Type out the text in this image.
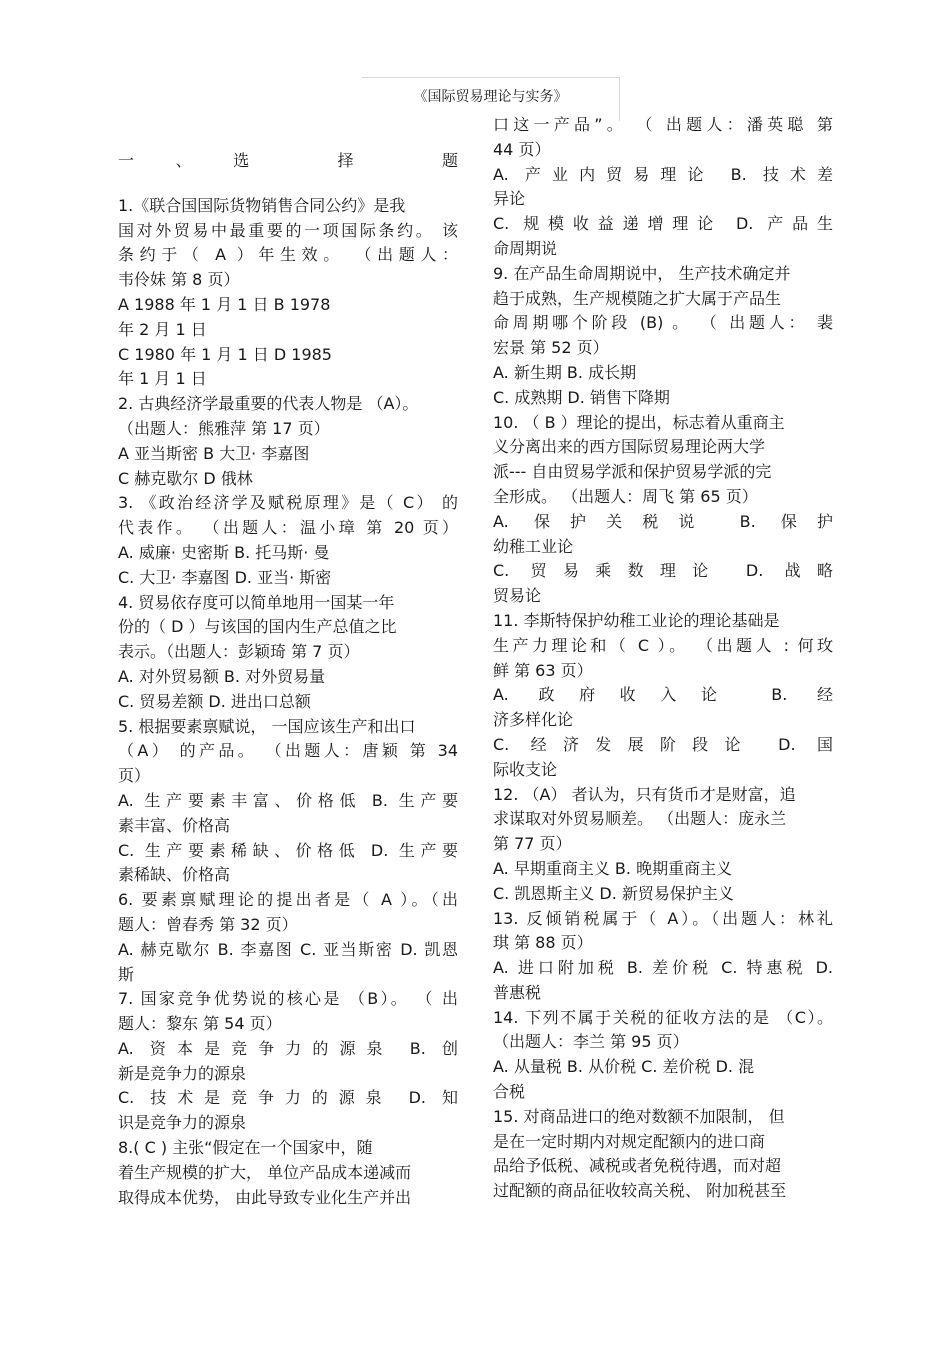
《国际贸易理论与实务》
一、选 择 题
1.《联合国国际货物销售合同公约》是我
国对外贸易中最重要的一项国际条约。 该
条约于（ A ）年生效。 （出题人：
韦伶妹 第 8 页）
A 1988 年 1 月 1 日 B 1978
年 2 月 1 日
C 1980 年 1 月 1 日 D 1985
年 1 月 1 日
2. 古典经济学最重要的代表人物是 （A）。
（出题人：熊雅萍 第 17 页）
A 亚当斯密 B 大卫· 李嘉图
C 赫克歇尔 D 俄林
3. 《政治经济学及赋税原理》是（ C） 的
代表作。 （出题人：温小璋 第 20 页）
A. 威廉· 史密斯 B. 托马斯· 曼
C. 大卫· 李嘉图 D. 亚当· 斯密
4. 贸易依存度可以简单地用一国某一年
份的（ D ）与该国的国内生产总值之比
表示。（出题人：彭颖琦 第 7 页）
A. 对外贸易额 B. 对外贸易量
C. 贸易差额 D. 进出口总额
5. 根据要素禀赋说， 一国应该生产和出口
（A） 的产品。 （出题人：唐颖 第 34
页）
A. 生产要素丰富、价格低 B. 生产要
素丰富、价格高
C. 生产要素稀缺、价格低 D. 生产要
素稀缺、价格高
6. 要素禀赋理论的提出者是（ A ）。（出
题人：曾春秀 第 32 页）
A. 赫克歇尔 B. 李嘉图 C. 亚当斯密 D. 凯恩
斯
7. 国家竞争优势说的核心是 （B）。 （ 出
题人：黎东 第 54 页）
A. 资本是竞争力的源泉 B. 创
新是竞争力的源泉
C. 技术是竞争力的源泉 D. 知
识是竞争力的源泉
8.( C ) 主张“假定在一个国家中，随
着生产规模的扩大， 单位产品成本递减而
取得成本优势， 由此导致专业化生产并出
口这一产品”。 （ 出题人：潘英聪 第
44 页）
A. 产业内贸易理论 B. 技术差
异论
C. 规模收益递增理论 D. 产品生
命周期说
9. 在产品生命周期说中， 生产技术确定并
趋于成熟，生产规模随之扩大属于产品生
命周期哪个阶段 (B) 。 （ 出题人： 裴
宏景 第 52 页）
A. 新生期 B. 成长期
C. 成熟期 D. 销售下降期
10. （ B ）理论的提出，标志着从重商主
义分离出来的西方国际贸易理论两大学
派--- 自由贸易学派和保护贸易学派的完
全形成。 （出题人：周飞 第 65 页）
A. 保护关税说 B. 保护
幼稚工业论
C. 贸易乘数理论 D. 战略
贸易论
11. 李斯特保护幼稚工业论的理论基础是
生产力理论和（ C ）。 （出题人 : 何玫
鲜 第 63 页）
A. 政府收入论 B. 经
济多样化论
C. 经济发展阶段论 D. 国
际收支论
12. （A） 者认为，只有货币才是财富，追
求谋取对外贸易顺差。 （出题人：庞永兰
第 77 页）
A. 早期重商主义 B. 晚期重商主义
C. 凯恩斯主义 D. 新贸易保护主义
13. 反倾销税属于（ A）。（出题人：林礼
琪 第 88 页）
A. 进口附加税 B. 差价税 C. 特惠税 D.
普惠税
14. 下列不属于关税的征收方法的是 （C）。
（出题人：李兰 第 95 页）
A. 从量税 B. 从价税 C. 差价税 D. 混
合税
15. 对商品进口的绝对数额不加限制， 但
是在一定时期内对规定配额内的进口商
品给予低税、减税或者免税待遇，而对超
过配额的商品征收较高关税、 附加税甚至
